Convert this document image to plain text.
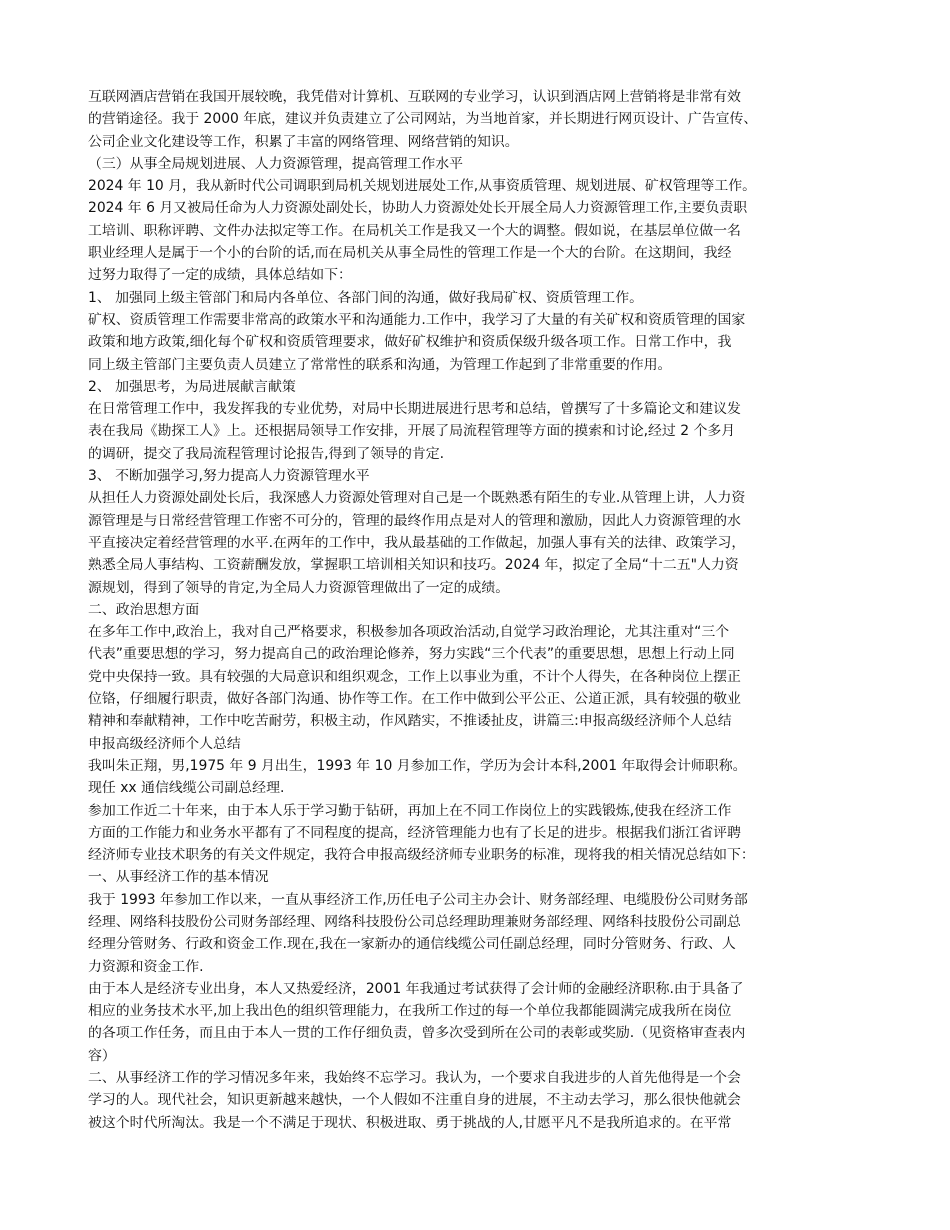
互联网酒店营销在我国开展较晚，我凭借对计算机、互联网的专业学习，认识到酒店网上营销将是非常有效
的营销途径。我于 2000 年底，建议并负责建立了公司网站，为当地首家，并长期进行网页设计、广告宣传、
公司企业文化建设等工作，积累了丰富的网络管理、网络营销的知识。
（三）从事全局规划进展、人力资源管理，提高管理工作水平
2024 年 10 月，我从新时代公司调职到局机关规划进展处工作,从事资质管理、规划进展、矿权管理等工作。
2024 年 6 月又被局任命为人力资源处副处长，协助人力资源处处长开展全局人力资源管理工作,主要负责职
工培训、职称评聘、文件办法拟定等工作。在局机关工作是我又一个大的调整。假如说，在基层单位做一名
职业经理人是属于一个小的台阶的话,而在局机关从事全局性的管理工作是一个大的台阶。在这期间，我经
过努力取得了一定的成绩，具体总结如下：
1、 加强同上级主管部门和局内各单位、各部门间的沟通，做好我局矿权、资质管理工作。
矿权、资质管理工作需要非常高的政策水平和沟通能力.工作中，我学习了大量的有关矿权和资质管理的国家
政策和地方政策,细化每个矿权和资质管理要求，做好矿权维护和资质保级升级各项工作。日常工作中，我
同上级主管部门主要负责人员建立了常常性的联系和沟通，为管理工作起到了非常重要的作用。
2、 加强思考，为局进展献言献策
在日常管理工作中，我发挥我的专业优势，对局中长期进展进行思考和总结，曾撰写了十多篇论文和建议发
表在我局《勘探工人》上。还根据局领导工作安排，开展了局流程管理等方面的摸索和讨论,经过 2 个多月
的调研，提交了我局流程管理讨论报告,得到了领导的肯定.
3、 不断加强学习,努力提高人力资源管理水平
从担任人力资源处副处长后，我深感人力资源处管理对自己是一个既熟悉有陌生的专业.从管理上讲，人力资
源管理是与日常经营管理工作密不可分的，管理的最终作用点是对人的管理和激励，因此人力资源管理的水
平直接决定着经营管理的水平.在两年的工作中，我从最基础的工作做起，加强人事有关的法律、政策学习，
熟悉全局人事结构、工资薪酬发放，掌握职工培训相关知识和技巧。2024 年，拟定了全局“十二五"人力资
源规划，得到了领导的肯定,为全局人力资源管理做出了一定的成绩。
二、政治思想方面
在多年工作中,政治上，我对自己严格要求，积极参加各项政治活动,自觉学习政治理论，尤其注重对“三个
代表”重要思想的学习，努力提高自己的政治理论修养，努力实践“三个代表”的重要思想，思想上行动上同
党中央保持一致。具有较强的大局意识和组织观念，工作上以事业为重，不计个人得失，在各种岗位上摆正
位铬，仔细履行职责，做好各部门沟通、协作等工作。在工作中做到公平公正、公道正派，具有较强的敬业
精神和奉献精神，工作中吃苦耐劳，积极主动，作风踏实，不推诿扯皮，讲篇三:申报高级经济师个人总结
申报高级经济师个人总结
我叫朱正翔，男,1975 年 9 月出生，1993 年 10 月参加工作，学历为会计本科,2001 年取得会计师职称。
现任 xx 通信线缆公司副总经理.
参加工作近二十年来，由于本人乐于学习勤于钻研，再加上在不同工作岗位上的实践锻炼,使我在经济工作
方面的工作能力和业务水平都有了不同程度的提高，经济管理能力也有了长足的进步。根据我们浙江省评聘
经济师专业技术职务的有关文件规定，我符合申报高级经济师专业职务的标准，现将我的相关情况总结如下：
一、从事经济工作的基本情况
我于 1993 年参加工作以来，一直从事经济工作,历任电子公司主办会计、财务部经理、电缆股份公司财务部
经理、网络科技股份公司财务部经理、网络科技股份公司总经理助理兼财务部经理、网络科技股份公司副总
经理分管财务、行政和资金工作.现在,我在一家新办的通信线缆公司任副总经理，同时分管财务、行政、人
力资源和资金工作.
由于本人是经济专业出身，本人又热爱经济，2001 年我通过考试获得了会计师的金融经济职称.由于具备了
相应的业务技术水平,加上我出色的组织管理能力，在我所工作过的每一个单位我都能圆满完成我所在岗位
的各项工作任务，而且由于本人一贯的工作仔细负责，曾多次受到所在公司的表彰或奖励.（见资格审查表内
容）
二、从事经济工作的学习情况多年来，我始终不忘学习。我认为，一个要求自我进步的人首先他得是一个会
学习的人。现代社会，知识更新越来越快，一个人假如不注重自身的进展，不主动去学习，那么很快他就会
被这个时代所淘汰。我是一个不满足于现状、积极进取、勇于挑战的人,甘愿平凡不是我所追求的。在平常
